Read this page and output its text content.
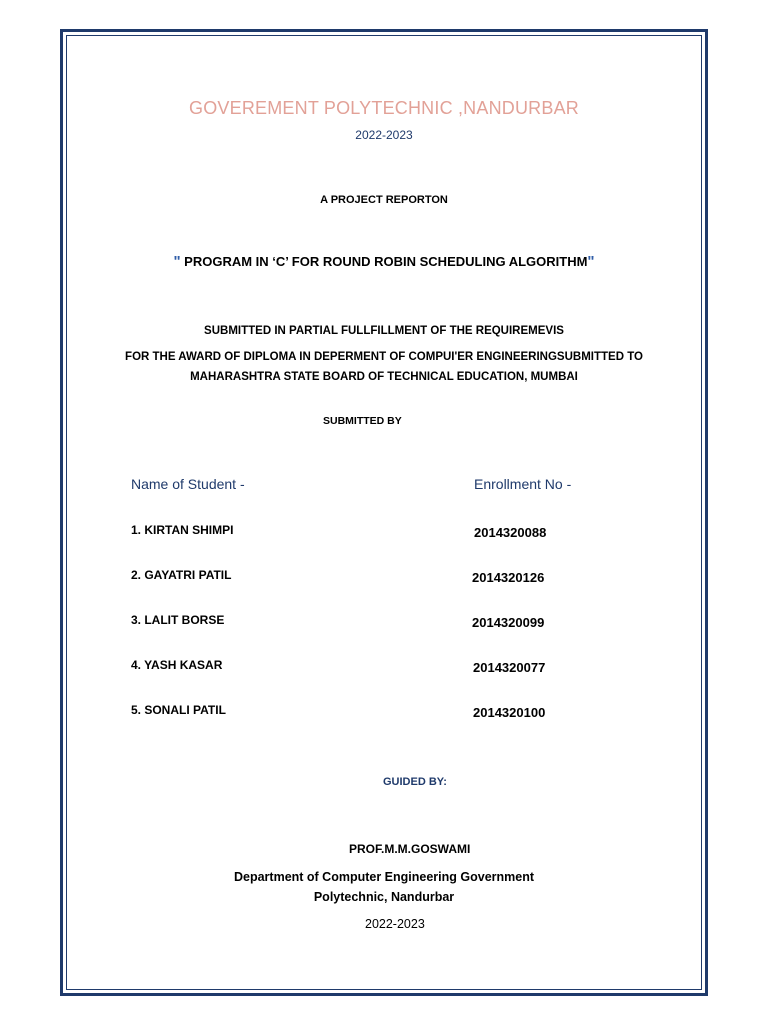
GOVEREMENT POLYTECHNIC ,NANDURBAR
2022-2023
A PROJECT REPORTON
" PROGRAM IN ‘C’ FOR ROUND ROBIN SCHEDULING ALGORITHM"
SUBMITTED IN PARTIAL FULLFILLMENT OF THE REQUIREMEVIS
FOR THE AWARD OF DIPLOMA IN DEPERMENT OF COMPUI'ER ENGINEERINGSUBMITTED TO
MAHARASHTRA STATE BOARD OF TECHNICAL EDUCATION, MUMBAI
SUBMITTED BY
Name of Student -	Enrollment No -
1. KIRTAN SHIMPI	2014320088
2. GAYATRI PATIL	2014320126
3. LALIT BORSE	2014320099
4. YASH KASAR	2014320077
5. SONALI PATIL	2014320100
GUIDED BY:
PROF.M.M.GOSWAMI
Department of Computer Engineering Government
Polytechnic, Nandurbar
2022-2023
